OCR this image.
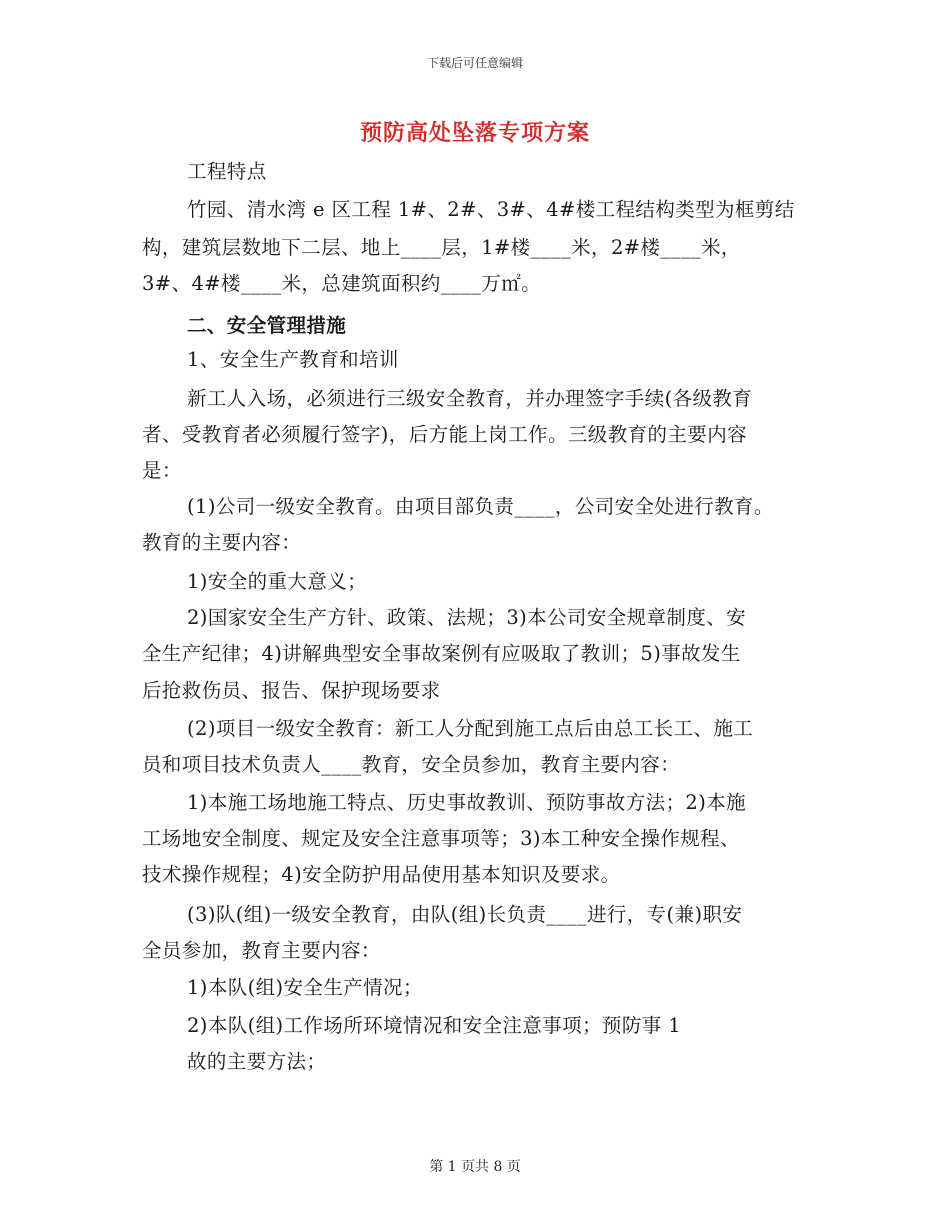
下载后可任意编辑
预防高处坠落专项方案
工程特点
竹园、清水湾 e 区工程 1#、2#、3#、4#楼工程结构类型为框剪结
构，建筑层数地下二层、地上____层，1#楼____米，2#楼____米，
3#、4#楼____米，总建筑面积约____万㎡。
二、安全管理措施
1、安全生产教育和培训
新工人入场，必须进行三级安全教育，并办理签字手续(各级教育
者、受教育者必须履行签字)，后方能上岗工作。三级教育的主要内容
是：
(1)公司一级安全教育。由项目部负责____，公司安全处进行教育。
教育的主要内容：
1)安全的重大意义；
2)国家安全生产方针、政策、法规；3)本公司安全规章制度、安
全生产纪律；4)讲解典型安全事故案例有应吸取了教训；5)事故发生
后抢救伤员、报告、保护现场要求
(2)项目一级安全教育：新工人分配到施工点后由总工长工、施工
员和项目技术负责人____教育，安全员参加，教育主要内容：
1)本施工场地施工特点、历史事故教训、预防事故方法；2)本施
工场地安全制度、规定及安全注意事项等；3)本工种安全操作规程、
技术操作规程；4)安全防护用品使用基本知识及要求。
(3)队(组)一级安全教育，由队(组)长负责____进行，专(兼)职安
全员参加，教育主要内容：
1)本队(组)安全生产情况；
2)本队(组)工作场所环境情况和安全注意事项；预防事 1
故的主要方法；
第 1 页共 8 页
